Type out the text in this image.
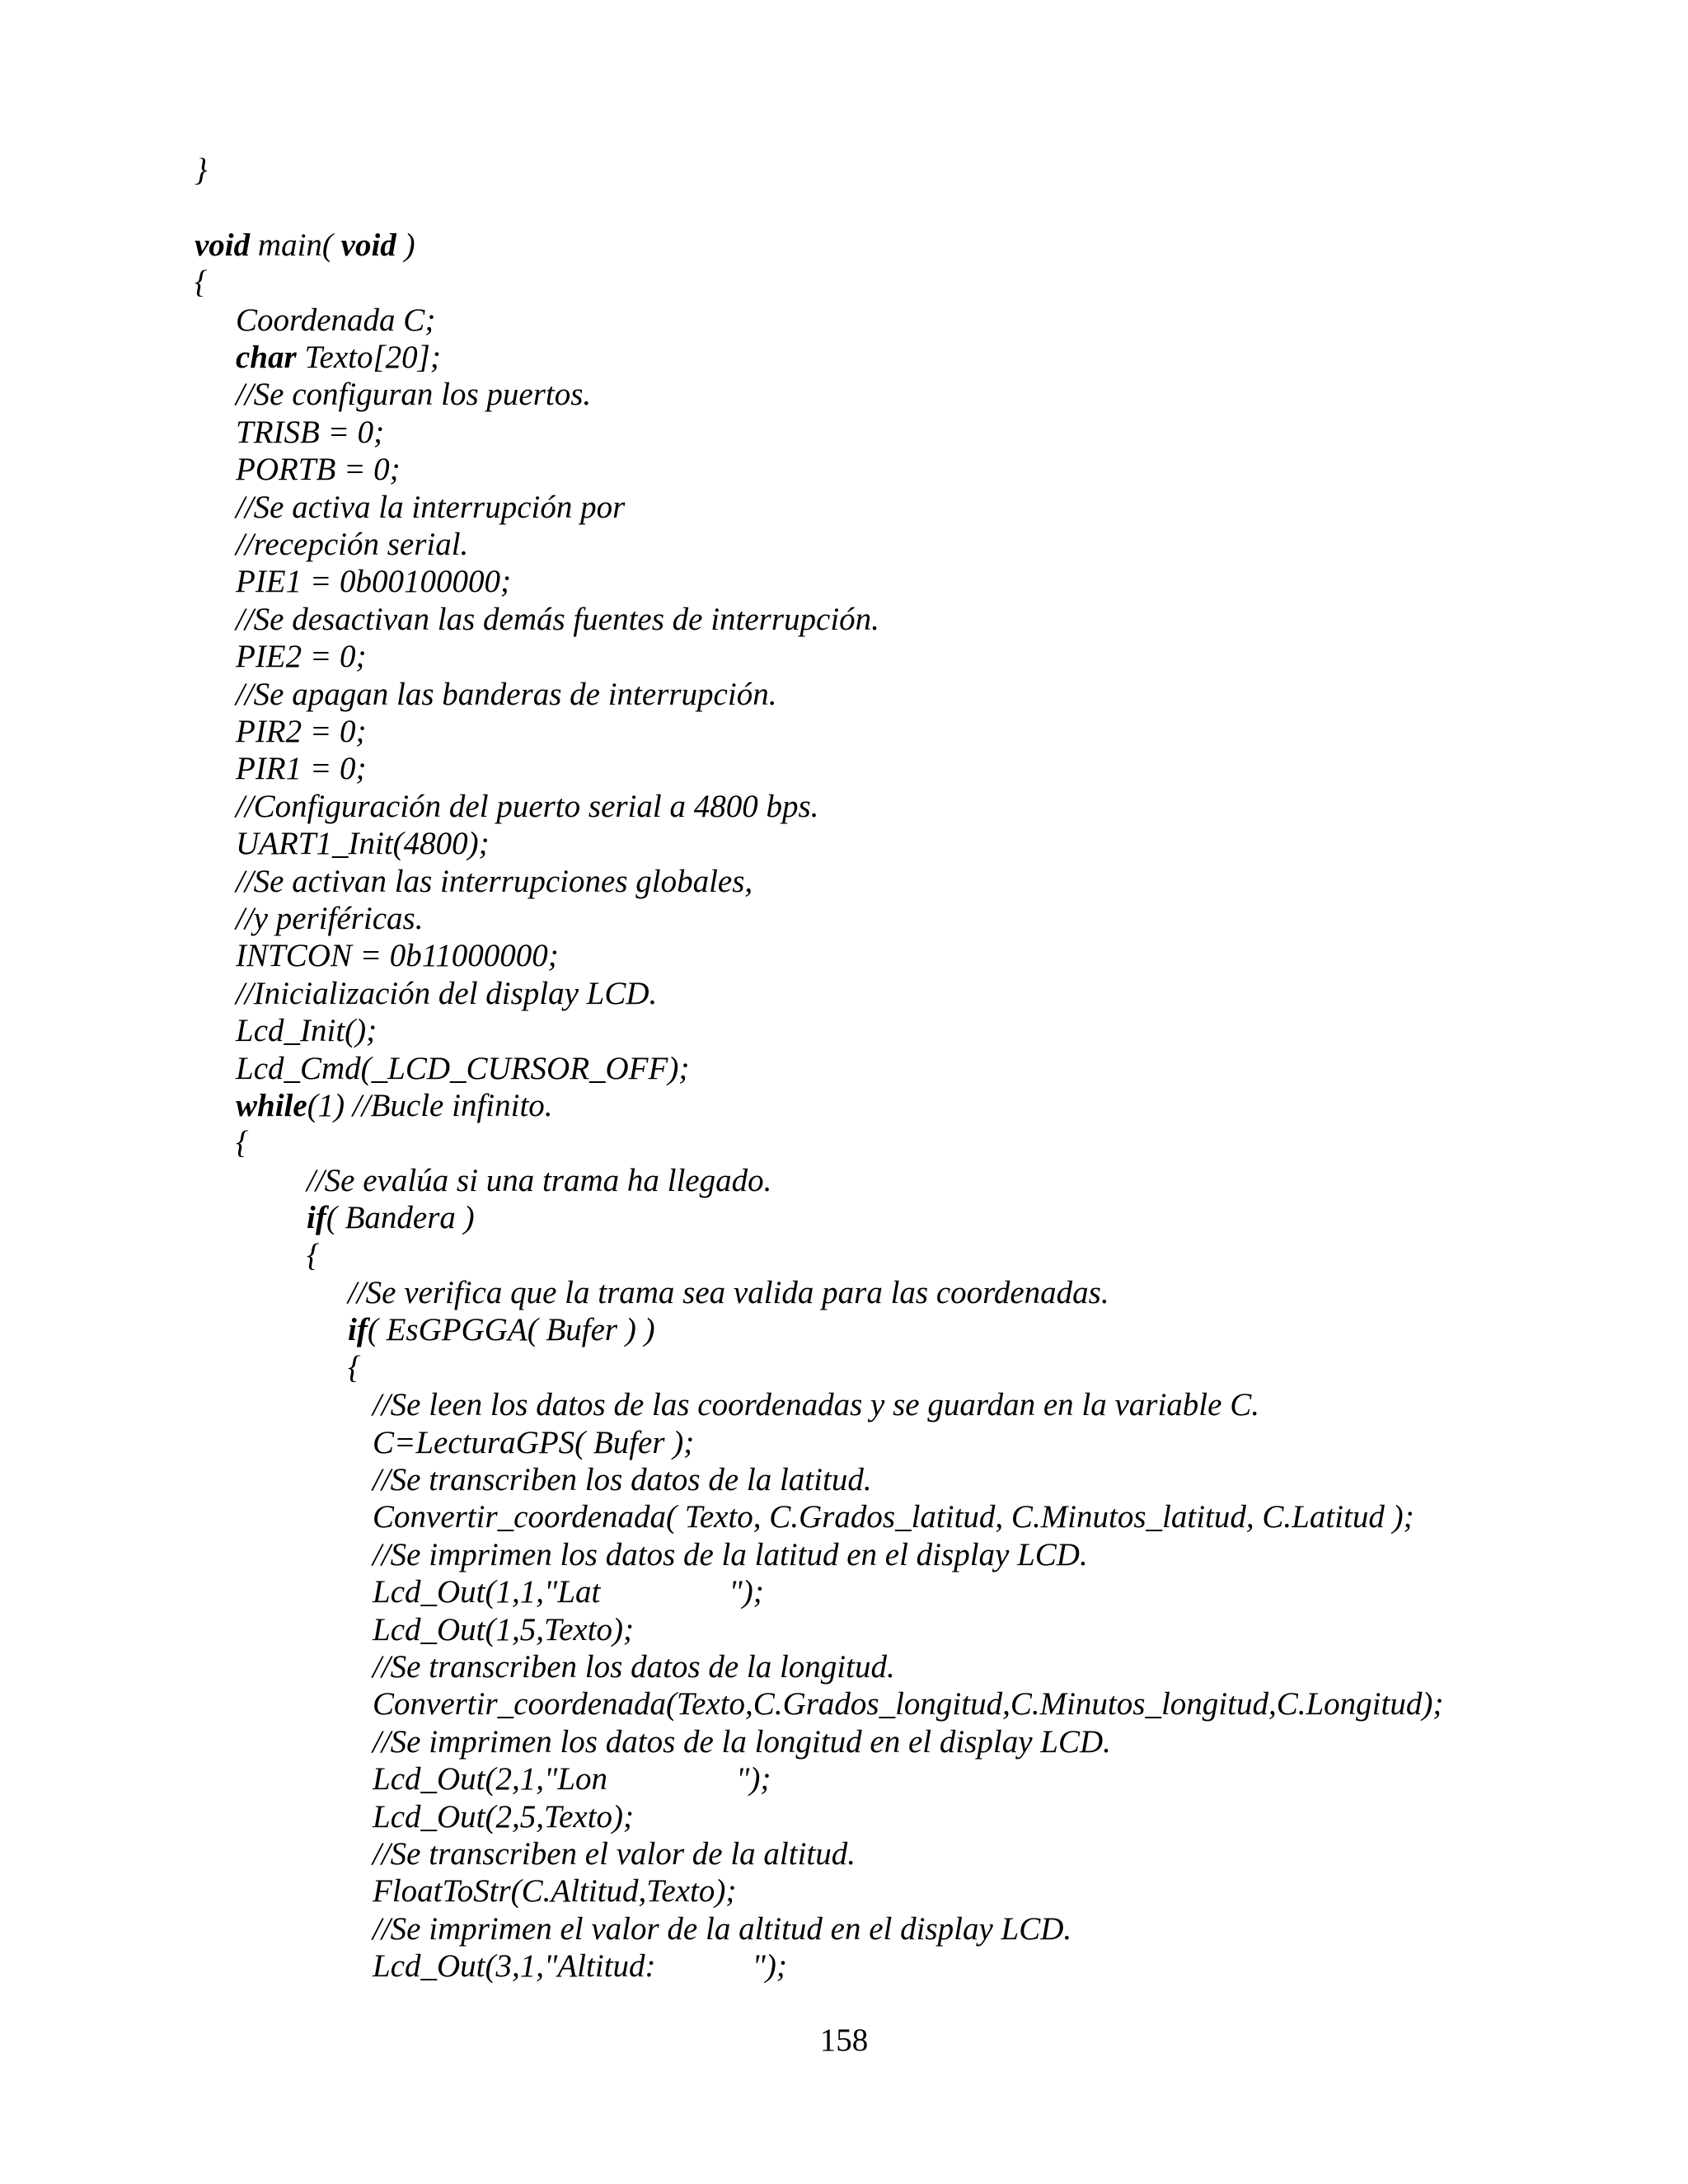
}
void main( void )
{
Coordenada C;
char Texto[20];
//Se configuran los puertos.
TRISB = 0;
PORTB = 0;
//Se activa la interrupción por
//recepción serial.
PIE1 = 0b00100000;
//Se desactivan las demás fuentes de interrupción.
PIE2 = 0;
//Se apagan las banderas de interrupción.
PIR2 = 0;
PIR1 = 0;
//Configuración del puerto serial a 4800 bps.
UART1_Init(4800);
//Se activan las interrupciones globales,
//y periféricas.
INTCON = 0b11000000;
//Inicialización del display LCD.
Lcd_Init();
Lcd_Cmd(_LCD_CURSOR_OFF);
while(1) //Bucle infinito.
{
//Se evalúa si una trama ha llegado.
if( Bandera )
{
//Se verifica que la trama sea valida para las coordenadas.
if( EsGPGGA( Bufer ) )
{
//Se leen los datos de las coordenadas y se guardan en la variable C.
C=LecturaGPS( Bufer );
//Se transcriben los datos de la latitud.
Convertir_coordenada( Texto, C.Grados_latitud, C.Minutos_latitud, C.Latitud );
//Se imprimen los datos de la latitud en el display LCD.
Lcd_Out(1,1,"Lat                ");
Lcd_Out(1,5,Texto);
//Se transcriben los datos de la longitud.
Convertir_coordenada(Texto,C.Grados_longitud,C.Minutos_longitud,C.Longitud);
//Se imprimen los datos de la longitud en el display LCD.
Lcd_Out(2,1,"Lon                ");
Lcd_Out(2,5,Texto);
//Se transcriben el valor de la altitud.
FloatToStr(C.Altitud,Texto);
//Se imprimen el valor de la altitud en el display LCD.
Lcd_Out(3,1,"Altitud:            ");
158
